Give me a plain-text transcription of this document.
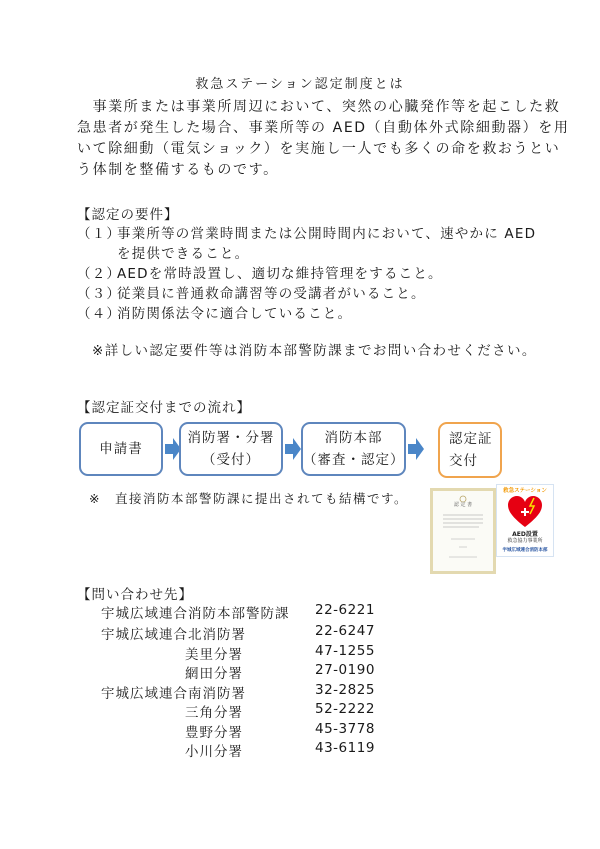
救急ステーション認定制度とは
　事業所または事業所周辺において、突然の心臓発作等を起こした救
急患者が発生した場合、事業所等の AED（自動体外式除細動器）を用
いて除細動（電気ショック）を実施し一人でも多くの命を救おうとい
う体制を整備するものです。
【認定の要件】
（１）
事業所等の営業時間または公開時間内において、速やかに AED
を提供できること。
（２）
AEDを常時設置し、適切な維持管理をすること。
（３）
従業員に普通救命講習等の受講者がいること。
（４）
消防関係法令に適合していること。
※詳しい認定要件等は消防本部警防課までお問い合わせください。
【認定証交付までの流れ】
申請書
消防署・分署
（受付）
消防本部
（審査・認定）
認定証
交付
※　直接消防本部警防課に提出されても結構です。	認 定 書
救急ステーション
AED設置
救急協力事業所
宇城広域連合消防本部
【問い合わせ先】
宇城広域連合消防本部警防課 22-6221
宇城広域連合北消防署	22-6247
美里分署	47-1255
網田分署	27-0190
宇城広域連合南消防署	32-2825
三角分署	52-2222
豊野分署	45-3778
小川分署	43-6119
